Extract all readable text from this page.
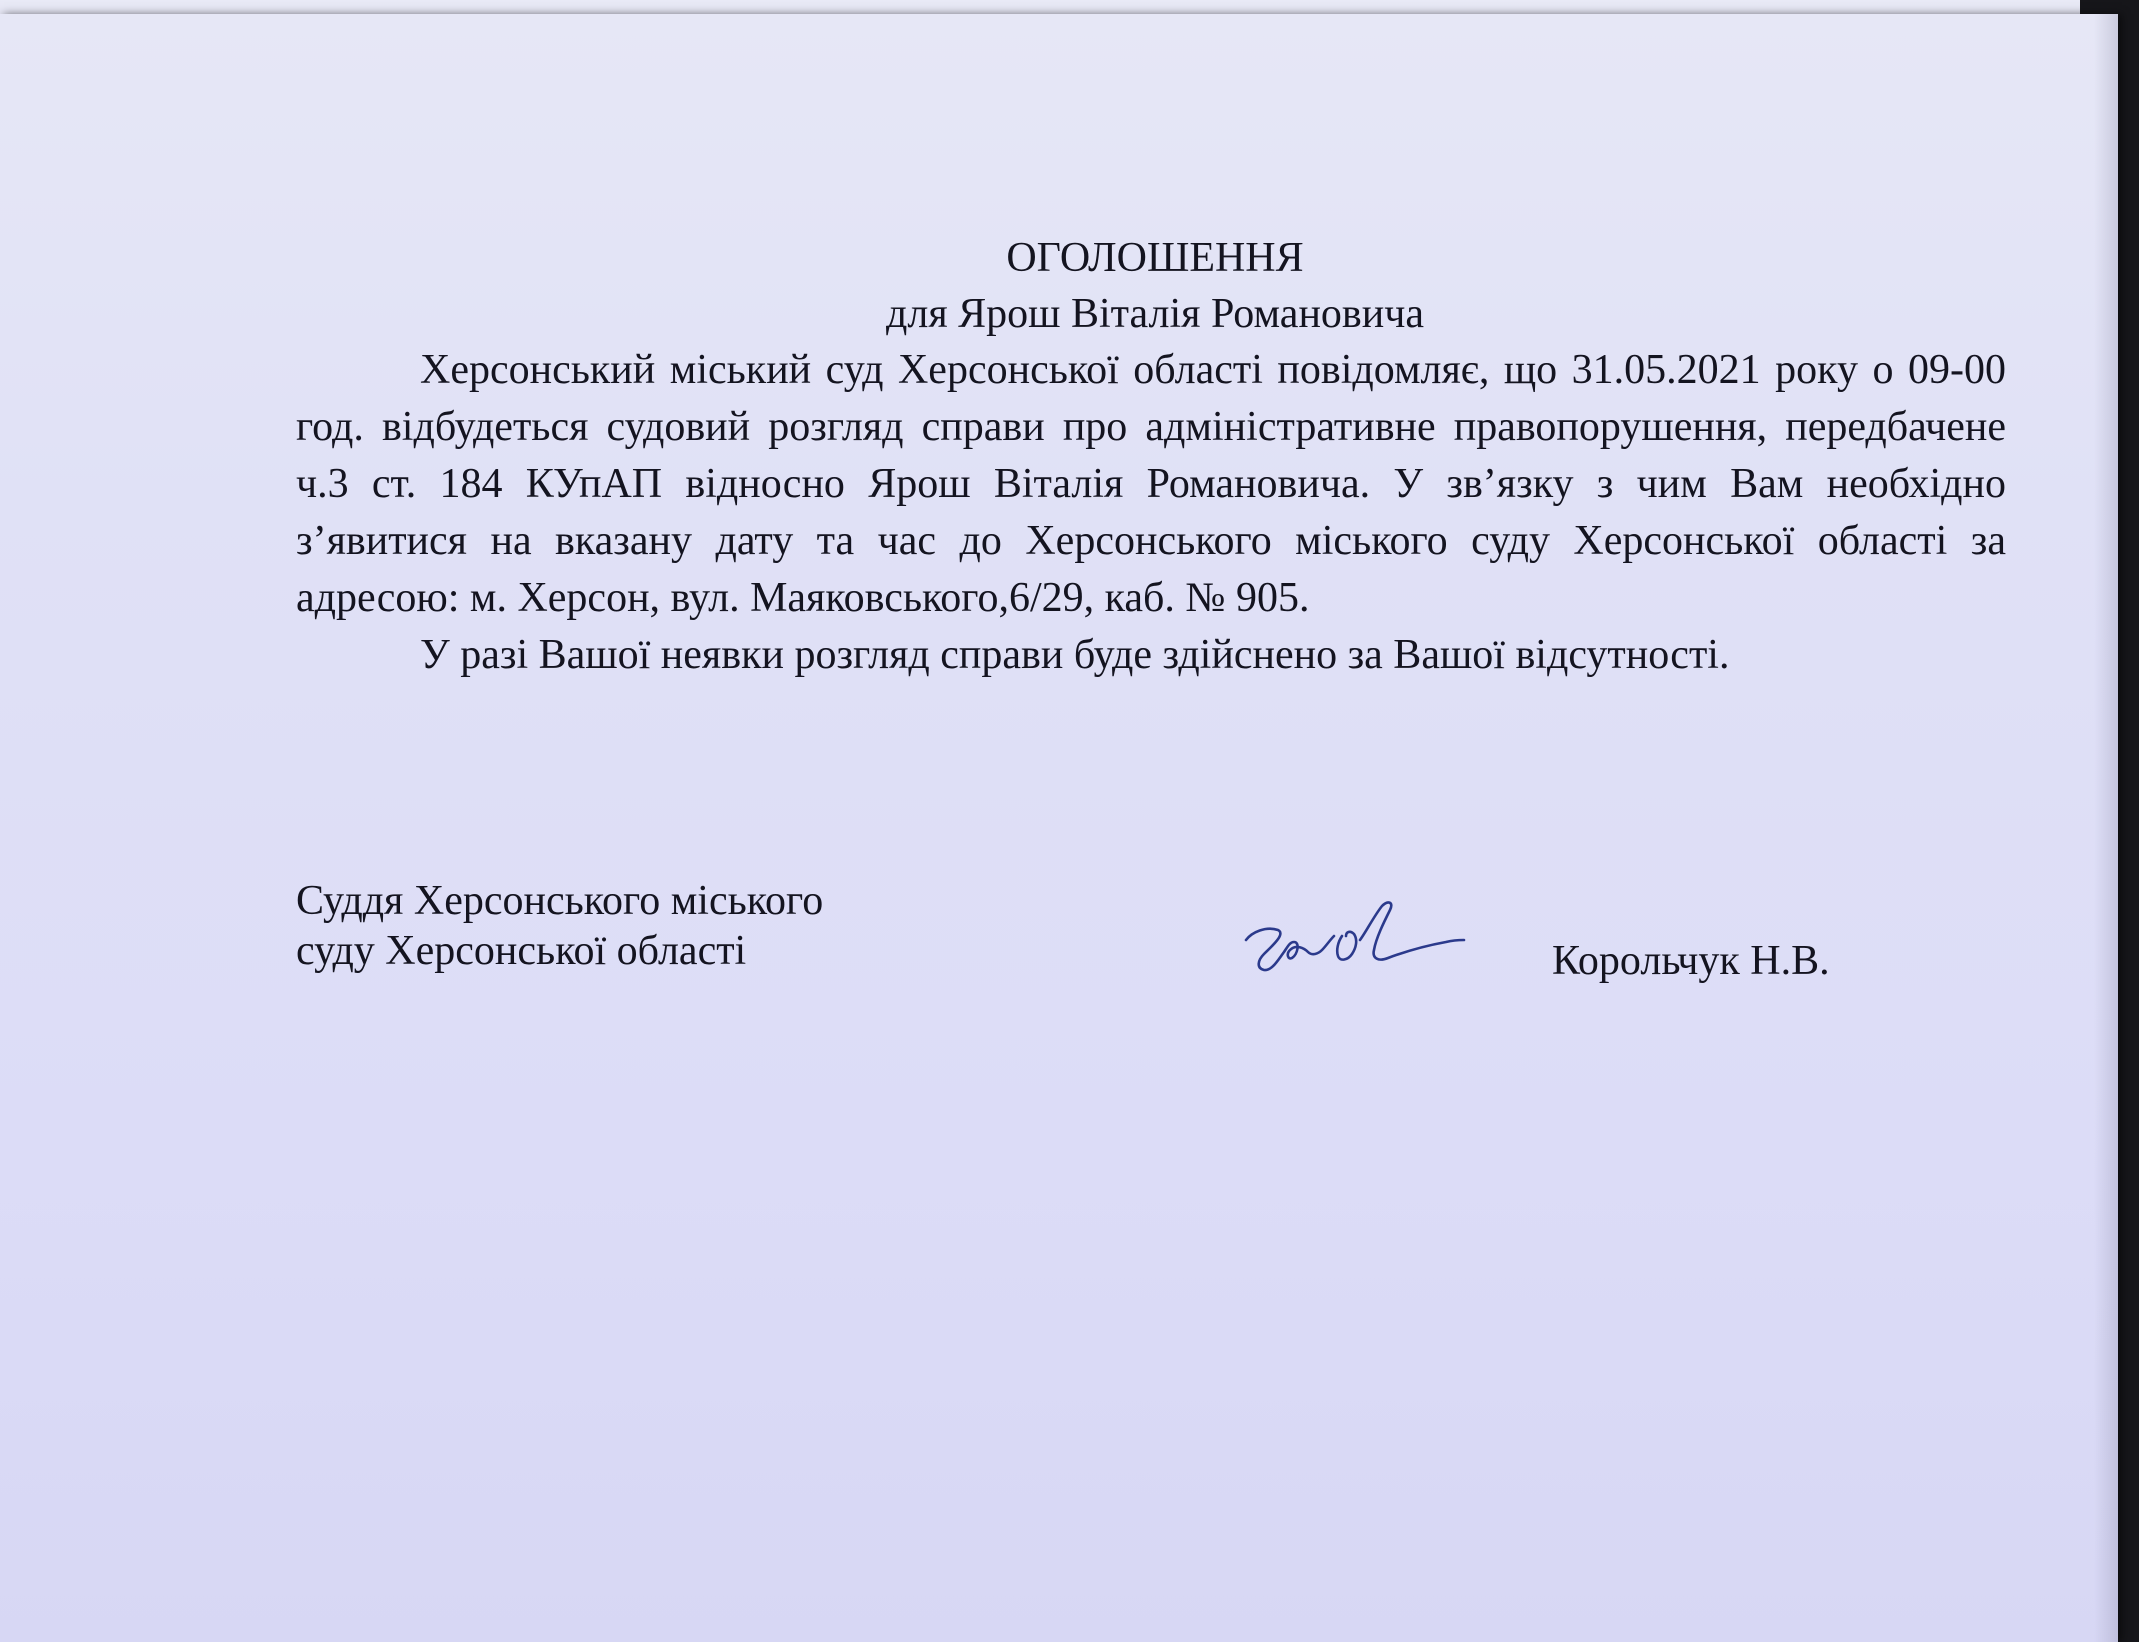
ОГОЛОШЕННЯ

для Ярош Віталія Романовича

Херсонський міський суд Херсонської області повідомляє, що 31.05.2021 року о 09-00 год. відбудеться судовий розгляд справи про адміністративне правопорушення, передбачене ч.3 ст. 184 КУпАП відносно Ярош Віталія Романовича. У зв’язку з чим Вам необхідно з’явитися на вказану дату та час до Херсонського міського суду Херсонської області за адресою: м. Херсон, вул. Маяковського,6/29, каб. № 905.

У разі Вашої неявки розгляд справи буде здійснено за Вашої відсутності.

Суддя Херсонського міського
суду Херсонської області	Корольчук Н.В.
